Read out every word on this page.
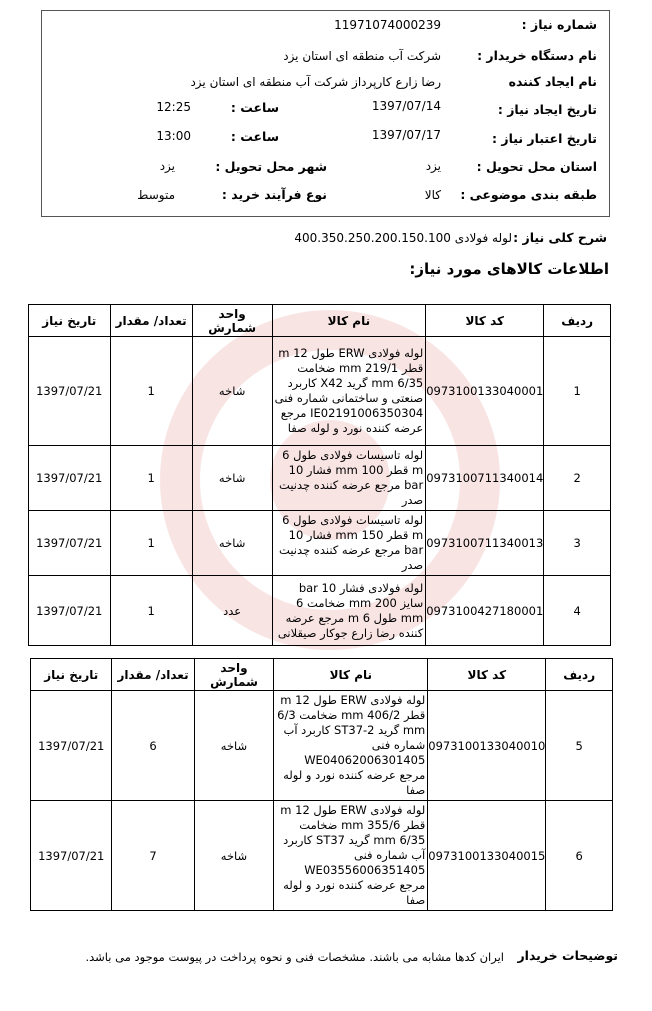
شماره نیاز :
11971074000239
نام دستگاه خریدار :
شرکت آب منطقه ای استان یزد
نام ایجاد کننده
رضا زارع کارپرداز شرکت آب منطقه ای استان یزد
تاریخ ایجاد نیاز :
1397/07/14
ساعت :
12:25
تاریخ اعتبار نیاز :
1397/07/17
ساعت :
13:00
استان محل تحویل :
یزد
شهر محل تحویل :
یزد
طبقه بندی موضوعی :
کالا
نوع فرآیند خرید :
متوسط
شرح کلی نیاز :
لوله فولادی 400.350.250.200.150.100
اطلاعات کالاهای مورد نیاز:
ردیف	کد کالا	نام کالا	واحد شمارش	تعداد/ مقدار	تاریخ نیاز
1	0973100133040001	لوله فولادی ERW طول 12 m قطر 219/1 mm ضخامت 6/35 mm گرید X42 کاربرد صنعتی و ساختمانی شماره فنی IE02191006350304 مرجع عرضه کننده نورد و لوله صفا	شاخه	1	1397/07/21
2	0973100711340014	لوله تاسیسات فولادی طول 6 m قطر 100 mm فشار 10 bar مرجع عرضه کننده چدنیت صدر	شاخه	1	1397/07/21
3	0973100711340013	لوله تاسیسات فولادی طول 6 m قطر 150 mm فشار 10 bar مرجع عرضه کننده چدنیت صدر	شاخه	1	1397/07/21
4	0973100427180001	لوله فولادی فشار 10 bar سایز 200 mm ضخامت 6 mm طول 6 m مرجع عرضه کننده رضا زارع جوکار صیقلانی	عدد	1	1397/07/21
ردیف	کد کالا	نام کالا	واحد شمارش	تعداد/ مقدار	تاریخ نیاز
5	0973100133040010	لوله فولادی ERW طول 12 m قطر 406/2 mm ضخامت 6/3 mm گرید ST37-2 کاربرد آب شماره فنی WE04062006301405 مرجع عرضه کننده نورد و لوله صفا	شاخه	6	1397/07/21
6	0973100133040015	لوله فولادی ERW طول 12 m قطر 355/6 mm ضخامت 6/35 mm گرید ST37 کاربرد آب شماره فنی WE03556006351405 مرجع عرضه کننده نورد و لوله صفا	شاخه	7	1397/07/21
توضیحات خریدار
ایران کدها مشابه می باشند. مشخصات فنی و نحوه پرداخت در پیوست موجود می باشد.
